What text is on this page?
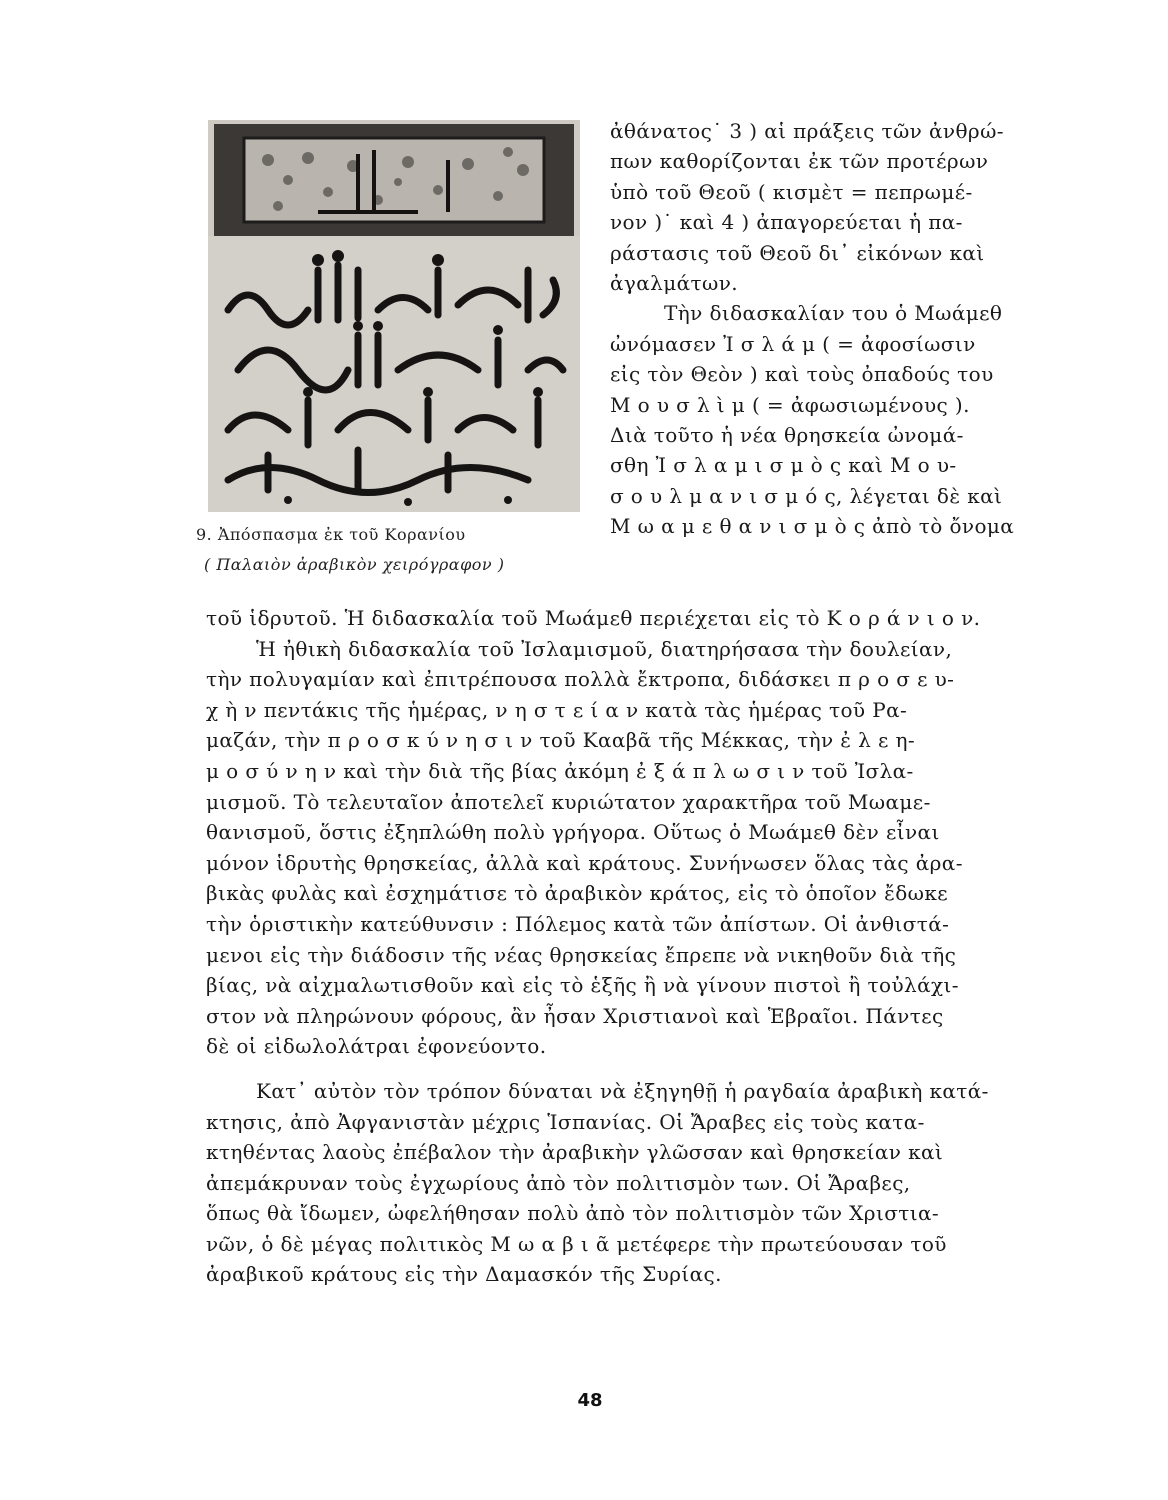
9. Ἀπόσπασμα ἐκ τοῦ Κορανίου
( Παλαιὸν ἀραβικὸν χειρόγραφον )
ἀθάνατος˙ 3 ) αἱ πράξεις τῶν ἀνθρώ-
πων καθορίζονται ἐκ τῶν προτέρων
ὑπὸ τοῦ Θεοῦ ( κισμὲτ = πεπρωμέ-
νον )˙ καὶ 4 ) ἀπαγορεύεται ἡ πα-
ράστασις τοῦ Θεοῦ δι᾽ εἰκόνων καὶ
ἀγαλμάτων.
Τὴν διδασκαλίαν του ὁ Μωάμεθ
ὠνόμασεν Ἰ σ λ ά μ ( = ἀφοσίωσιν
εἰς τὸν Θεὸν ) καὶ τοὺς ὀπαδούς του
Μ ο υ σ λ ὶ μ ( = ἀφωσιωμένους ).
Διὰ τοῦτο ἡ νέα θρησκεία ὠνομά-
σθη Ἰ σ λ α μ ι σ μ ὸ ς καὶ Μ ο υ-
σ ο υ λ μ α ν ι σ μ ό ς, λέγεται δὲ καὶ
Μ ω α μ ε θ α ν ι σ μ ὸ ς ἀπὸ τὸ ὄνομα
τοῦ ἱδρυτοῦ. Ἡ διδασκαλία τοῦ Μωάμεθ περιέχεται εἰς τὸ Κ ο ρ ά ν ι ο ν.
Ἡ ἠθικὴ διδασκαλία τοῦ Ἰσλαμισμοῦ, διατηρήσασα τὴν δουλείαν,
τὴν πολυγαμίαν καὶ ἐπιτρέπουσα πολλὰ ἔκτροπα, διδάσκει π ρ ο σ ε υ-
χ ὴ ν πεντάκις τῆς ἡμέρας, ν η σ τ ε ί α ν κατὰ τὰς ἡμέρας τοῦ Ρα-
μαζάν, τὴν π ρ ο σ κ ύ ν η σ ι ν τοῦ Κααβᾶ τῆς Μέκκας, τὴν ἐ λ ε η-
μ ο σ ύ ν η ν καὶ τὴν διὰ τῆς βίας ἀκόμη ἐ ξ ά π λ ω σ ι ν τοῦ Ἰσλα-
μισμοῦ. Τὸ τελευταῖον ἀποτελεῖ κυριώτατον χαρακτῆρα τοῦ Μωαμε-
θανισμοῦ, ὅστις ἐξηπλώθη πολὺ γρήγορα. Οὕτως ὁ Μωάμεθ δὲν εἶναι
μόνον ἱδρυτὴς θρησκείας, ἀλλὰ καὶ κράτους. Συνήνωσεν ὅλας τὰς ἀρα-
βικὰς φυλὰς καὶ ἐσχημάτισε τὸ ἀραβικὸν κράτος, εἰς τὸ ὁποῖον ἔδωκε
τὴν ὁριστικὴν κατεύθυνσιν : Πόλεμος κατὰ τῶν ἀπίστων. Οἱ ἀνθιστά-
μενοι εἰς τὴν διάδοσιν τῆς νέας θρησκείας ἔπρεπε νὰ νικηθοῦν διὰ τῆς
βίας, νὰ αἰχμαλωτισθοῦν καὶ εἰς τὸ ἑξῆς ἢ νὰ γίνουν πιστοὶ ἢ τοὐλάχι-
στον νὰ πληρώνουν φόρους, ἂν ἦσαν Χριστιανοὶ καὶ Ἑβραῖοι. Πάντες
δὲ οἱ εἰδωλολάτραι ἐφονεύοντο.
Κατ᾽ αὐτὸν τὸν τρόπον δύναται νὰ ἐξηγηθῇ ἡ ραγδαία ἀραβικὴ κατά-
κτησις, ἀπὸ Ἀφγανιστὰν μέχρις Ἱσπανίας. Οἱ Ἄραβες εἰς τοὺς κατα-
κτηθέντας λαοὺς ἐπέβαλον τὴν ἀραβικὴν γλῶσσαν καὶ θρησκείαν καὶ
ἀπεμάκρυναν τοὺς ἐγχωρίους ἀπὸ τὸν πολιτισμὸν των. Οἱ Ἄραβες,
ὅπως θὰ ἴδωμεν, ὠφελήθησαν πολὺ ἀπὸ τὸν πολιτισμὸν τῶν Χριστια-
νῶν, ὁ δὲ μέγας πολιτικὸς Μ ω α β ι ᾶ μετέφερε τὴν πρωτεύουσαν τοῦ
ἀραβικοῦ κράτους εἰς τὴν Δαμασκόν τῆς Συρίας.
48
